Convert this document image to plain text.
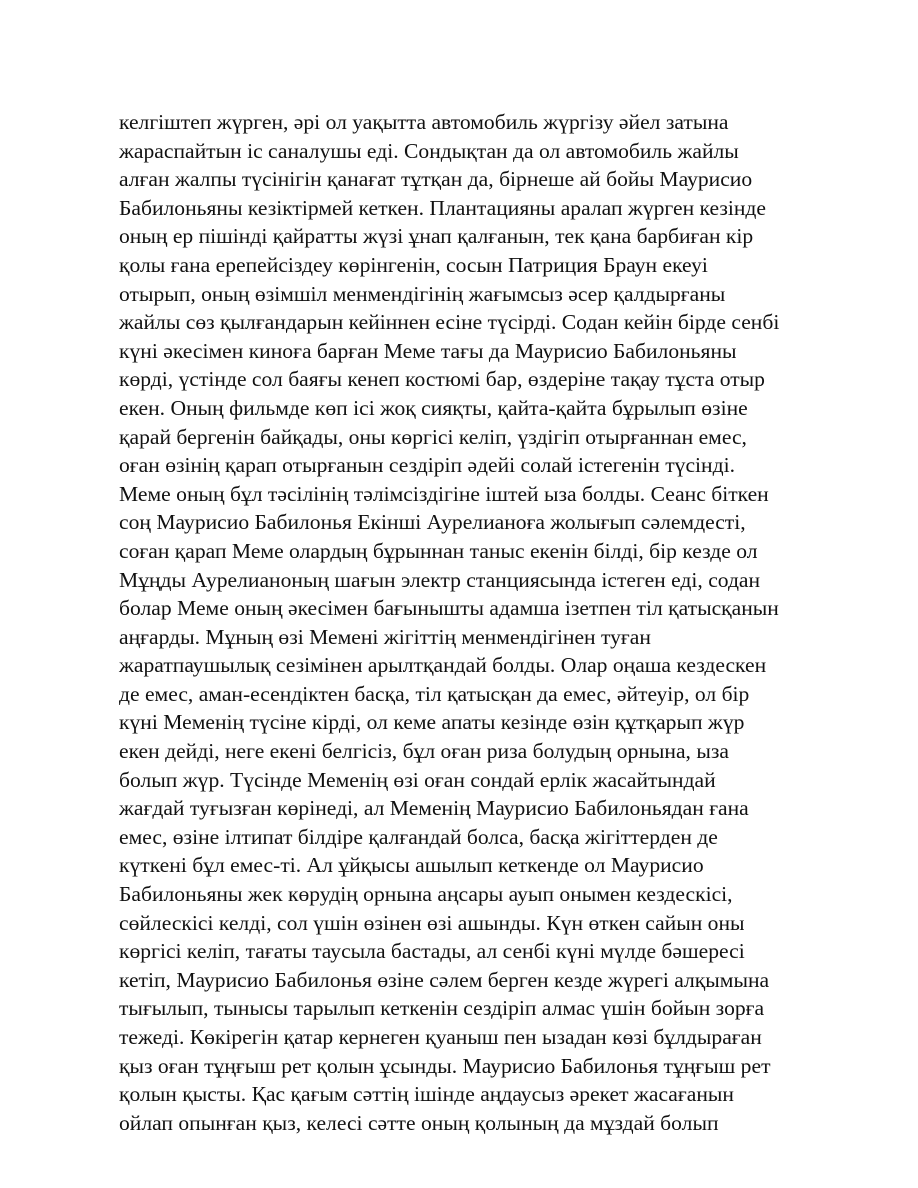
келгіштеп жүрген, әрі ол уақытта автомобиль жүргізу әйел затына
жараспайтын іс саналушы еді. Сондықтан да ол автомобиль жайлы
алған жалпы түсінігін қанағат тұтқан да, бірнеше ай бойы Маурисио
Бабилоньяны кезіктірмей кеткен. Плантацияны аралап жүрген кезінде
оның ер пішінді қайратты жүзі ұнап қалғанын, тек қана барбиған кір
қолы ғана ерепейсіздеу көрінгенін, сосын Патриция Браун екеуі
отырып, оның өзімшіл менмендігінің жағымсыз әсер қалдырғаны
жайлы сөз қылғандарын кейіннен есіне түсірді. Содан кейін бірде сенбі
күні әкесімен киноға барған Меме тағы да Маурисио Бабилоньяны
көрді, үстінде сол баяғы кенеп костюмі бар, өздеріне тақау тұста отыр
екен. Оның фильмде көп ісі жоқ сияқты, қайта-қайта бұрылып өзіне
қарай бергенін байқады, оны көргісі келіп, үздігіп отырғаннан емес,
оған өзінің қарап отырғанын сездіріп әдейі солай істегенін түсінді.
Меме оның бұл тәсілінің тәлімсіздігіне іштей ыза болды. Сеанс біткен
соң Маурисио Бабилонья Екінші Аурелианоға жолығып сәлемдесті,
соған қарап Меме олардың бұрыннан таныс екенін білді, бір кезде ол
Мұңды Аурелианоның шағын электр станциясында істеген еді, содан
болар Меме оның әкесімен бағынышты адамша ізетпен тіл қатысқанын
аңғарды. Мұның өзі Мемені жігіттің менмендігінен туған
жаратпаушылық сезімінен арылтқандай болды. Олар оңаша кездескен
де емес, аман-есендіктен басқа, тіл қатысқан да емес, әйтеуір, ол бір
күні Меменің түсіне кірді, ол кеме апаты кезінде өзін құтқарып жүр
екен дейді, неге екені белгісіз, бұл оған риза болудың орнына, ыза
болып жүр. Түсінде Меменің өзі оған сондай ерлік жасайтындай
жағдай туғызған көрінеді, ал Меменің Маурисио Бабилоньядан ғана
емес, өзіне ілтипат білдіре қалғандай болса, басқа жігіттерден де
күткені бұл емес-ті. Ал ұйқысы ашылып кеткенде ол Маурисио
Бабилоньяны жек көрудің орнына аңсары ауып онымен кездескісі,
сөйлескісі келді, сол үшін өзінен өзі ашынды. Күн өткен сайын оны
көргісі келіп, тағаты таусыла бастады, ал сенбі күні мүлде бәшересі
кетіп, Маурисио Бабилонья өзіне сәлем берген кезде жүрегі алқымына
тығылып, тынысы тарылып кеткенін сездіріп алмас үшін бойын зорға
тежеді. Көкірегін қатар кернеген қуаныш пен ызадан көзі бұлдыраған
қыз оған тұңғыш рет қолын ұсынды. Маурисио Бабилонья тұңғыш рет
қолын қысты. Қас қағым сәттің ішінде аңдаусыз әрекет жасағанын
ойлап опынған қыз, келесі сәтте оның қолының да мұздай болып
